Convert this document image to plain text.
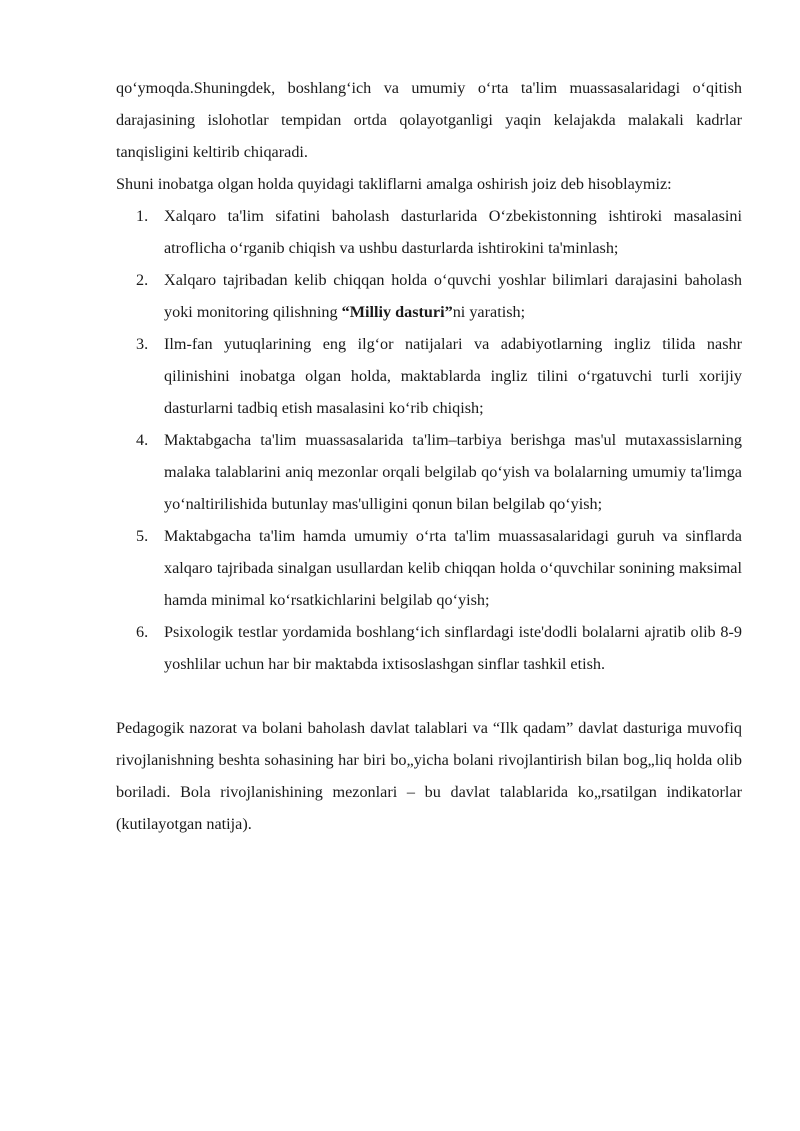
qo‘ymoqda.Shuningdek, boshlang‘ich va umumiy o‘rta ta'lim muassasalaridagi o‘qitish darajasining islohotlar tempidan ortda qolayotganligi yaqin kelajakda malakali kadrlar tanqisligini keltirib chiqaradi.

Shuni inobatga olgan holda quyidagi takliflarni amalga oshirish joiz deb hisoblaymiz:

1. Xalqaro ta'lim sifatini baholash dasturlarida O‘zbekistonning ishtiroki masalasini atroflicha o‘rganib chiqish va ushbu dasturlarda ishtirokini ta'minlash;
2. Xalqaro tajribadan kelib chiqqan holda o‘quvchi yoshlar bilimlari darajasini baholash yoki monitoring qilishning “Milliy dasturi”ni yaratish;
3. Ilm-fan yutuqlarining eng ilg‘or natijalari va adabiyotlarning ingliz tilida nashr qilinishini inobatga olgan holda, maktablarda ingliz tilini o‘rgatuvchi turli xorijiy dasturlarni tadbiq etish masalasini ko‘rib chiqish;
4. Maktabgacha ta'lim muassasalarida ta'lim–tarbiya berishga mas'ul mutaxassislarning malaka talablarini aniq mezonlar orqali belgilab qo‘yish va bolalarning umumiy ta'limga yo‘naltirilishida butunlay mas'ulligini qonun bilan belgilab qo‘yish;
5. Maktabgacha ta'lim hamda umumiy o‘rta ta'lim muassasalaridagi guruh va sinflarda xalqaro tajribada sinalgan usullardan kelib chiqqan holda o‘quvchilar sonining maksimal hamda minimal ko‘rsatkichlarini belgilab qo‘yish;
6. Psixologik testlar yordamida boshlang‘ich sinflardagi iste'dodli bolalarni ajratib olib 8-9 yoshlilar uchun har bir maktabda ixtisoslashgan sinflar tashkil etish.

Pedagogik nazorat va bolani baholash davlat talablari va “Ilk qadam” davlat dasturiga muvofiq rivojlanishning beshta sohasining har biri bo„yicha bolani rivojlantirish bilan bog„liq holda olib boriladi. Bola rivojlanishining mezonlari – bu davlat talablarida ko„rsatilgan indikatorlar (kutilayotgan natija).
